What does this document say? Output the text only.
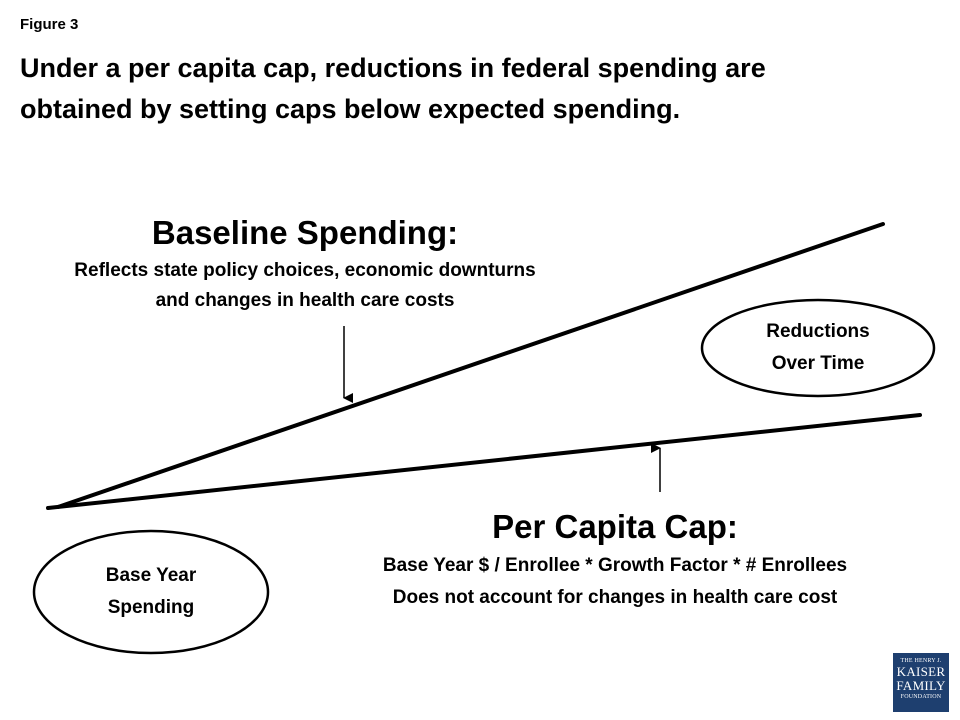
Figure 3
Under a per capita cap, reductions in federal spending are
obtained by setting caps below expected spending.
Baseline Spending:
Reflects state policy choices, economic downturns
and changes in health care costs
Per Capita Cap:
Base Year $ / Enrollee * Growth Factor * # Enrollees
Does not account for changes in health care cost
Reductions
Over Time
Base Year
Spending
THE HENRY J.
KAISER
FAMILY
FOUNDATION
